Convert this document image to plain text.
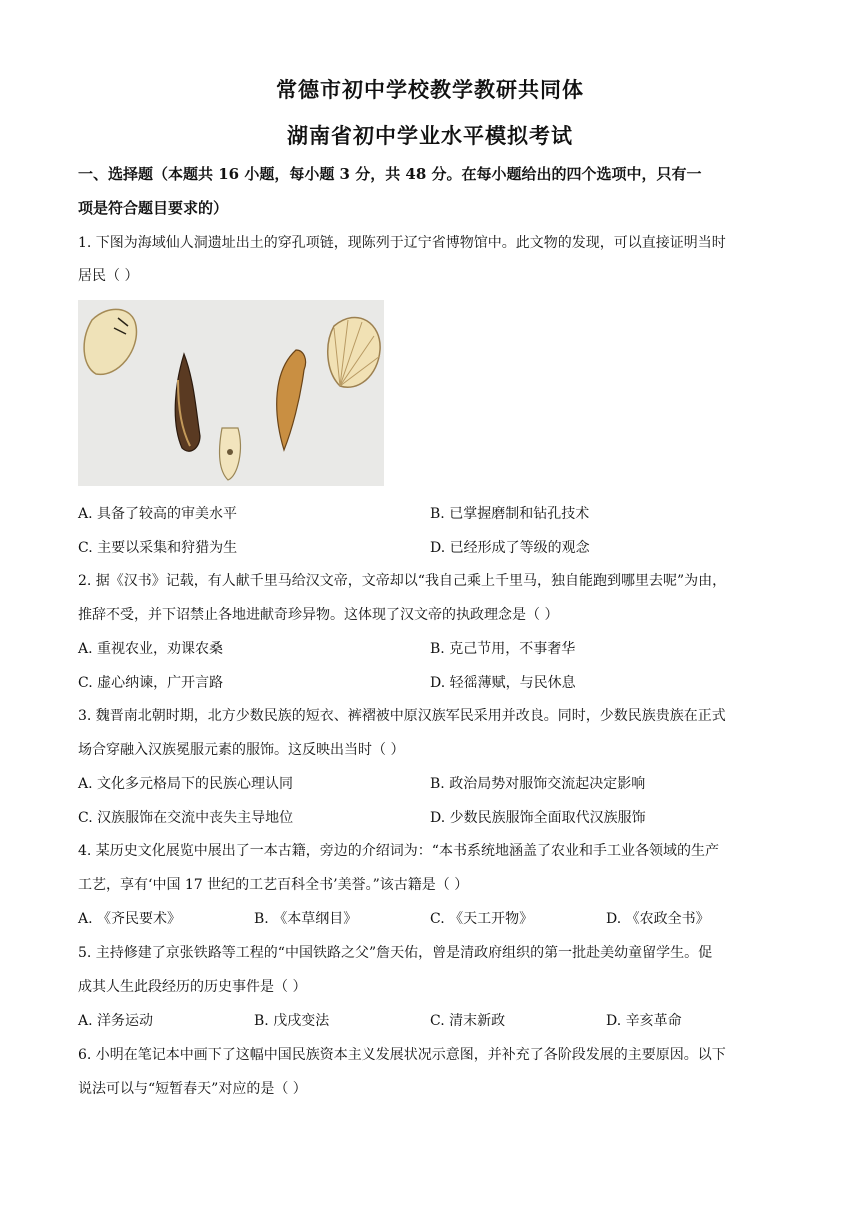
常德市初中学校教学教研共同体
湖南省初中学业水平模拟考试
一、选择题（本题共 16 小题，每小题 3 分，共 48 分。在每小题给出的四个选项中，只有一
项是符合题目要求的）
1. 下图为海域仙人洞遗址出土的穿孔项链，现陈列于辽宁省博物馆中。此文物的发现，可以直接证明当时
居民（ ）
A. 具备了较高的审美水平	B. 已掌握磨制和钻孔技术
C. 主要以采集和狩猎为生	D. 已经形成了等级的观念
2. 据《汉书》记载，有人献千里马给汉文帝，文帝却以“我自己乘上千里马，独自能跑到哪里去呢”为由，
推辞不受，并下诏禁止各地进献奇珍异物。这体现了汉文帝的执政理念是（ ）
A. 重视农业，劝课农桑	B. 克己节用，不事奢华
C. 虚心纳谏，广开言路	D. 轻徭薄赋，与民休息
3. 魏晋南北朝时期，北方少数民族的短衣、裤褶被中原汉族军民采用并改良。同时，少数民族贵族在正式
场合穿融入汉族冕服元素的服饰。这反映出当时（ ）
A. 文化多元格局下的民族心理认同	B. 政治局势对服饰交流起决定影响
C. 汉族服饰在交流中丧失主导地位	D. 少数民族服饰全面取代汉族服饰
4. 某历史文化展览中展出了一本古籍，旁边的介绍词为：“本书系统地涵盖了农业和手工业各领域的生产
工艺，享有‘中国 17 世纪的工艺百科全书’美誉。”该古籍是（ ）
A. 《齐民要术》	B. 《本草纲目》	C. 《天工开物》	D. 《农政全书》
5. 主持修建了京张铁路等工程的“中国铁路之父”詹天佑，曾是清政府组织的第一批赴美幼童留学生。促
成其人生此段经历的历史事件是（ ）
A. 洋务运动	B. 戊戌变法	C. 清末新政	D. 辛亥革命
6. 小明在笔记本中画下了这幅中国民族资本主义发展状况示意图，并补充了各阶段发展的主要原因。以下
说法可以与“短暂春天”对应的是（ ）
